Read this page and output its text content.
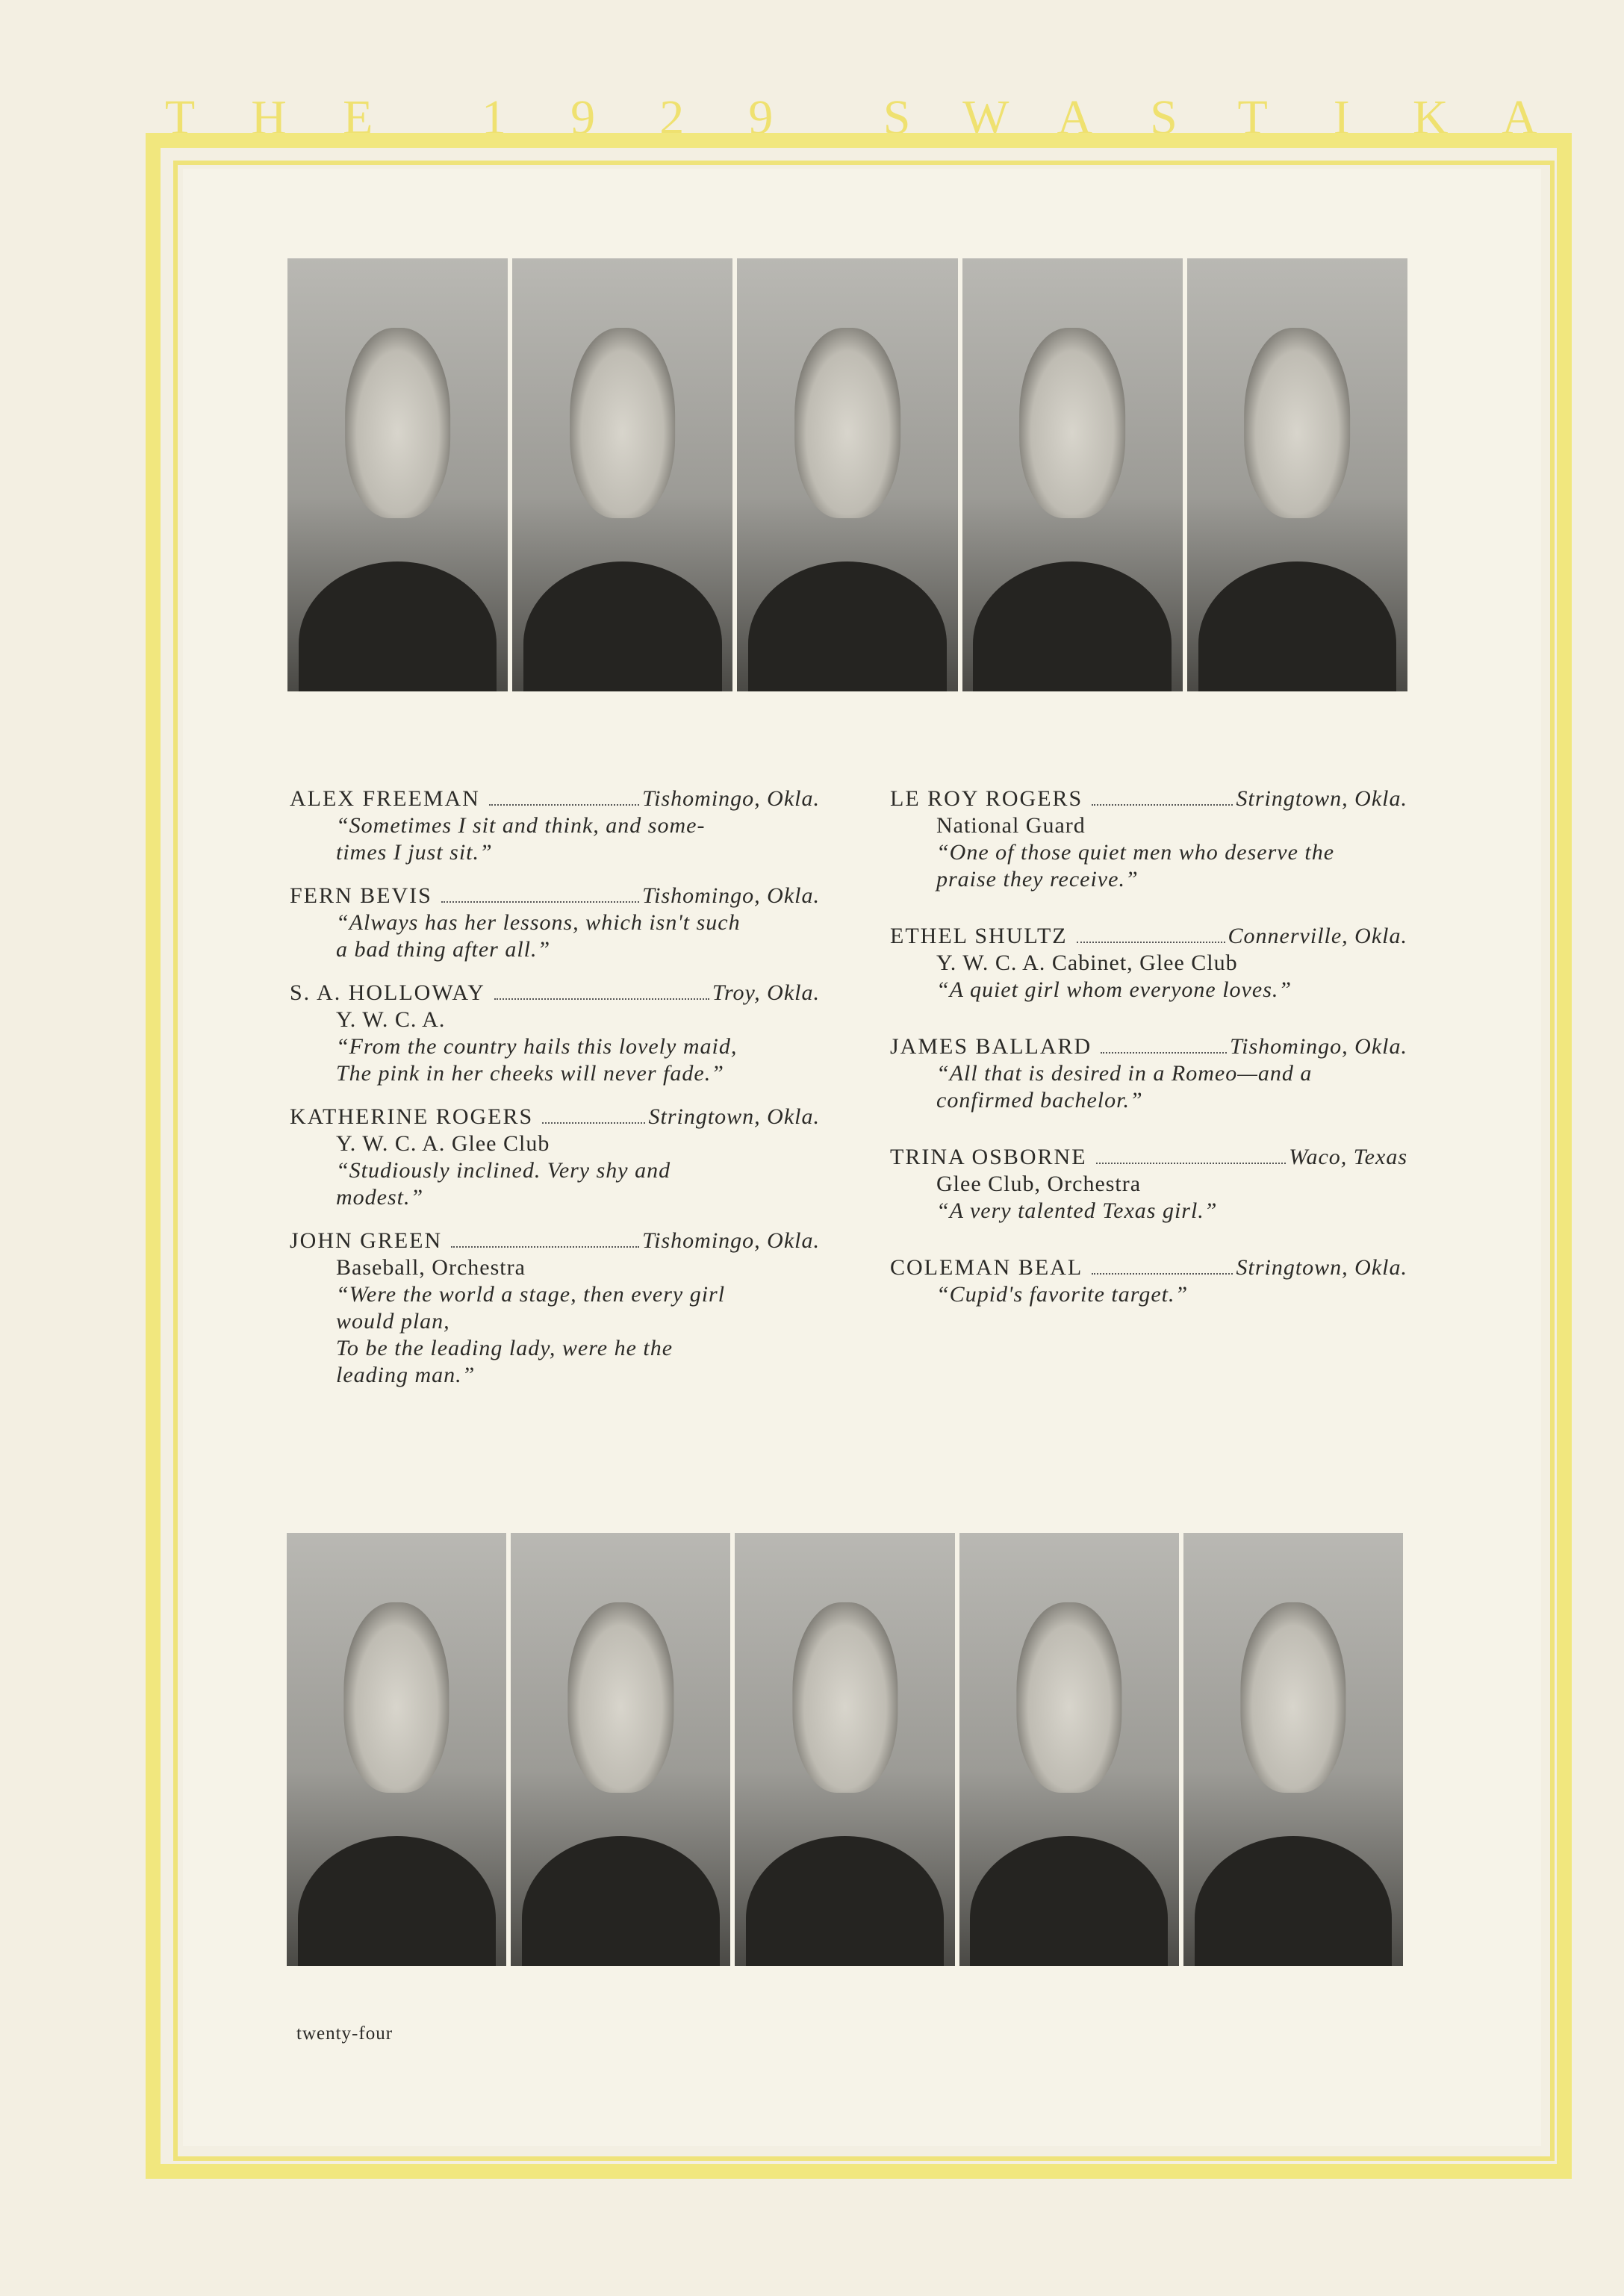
T	H	E	1	9	2	9	S W A	S	T	I	K	A
ALEX FREEMAN	Tishomingo, Okla.
“Sometimes I sit and think, and some-
times I just sit.”
FERN BEVIS	Tishomingo, Okla.
“Always has her lessons, which isn't such
a bad thing after all.”
S. A. HOLLOWAY	Troy, Okla.
Y. W. C. A.
“From the country hails this lovely maid,
The pink in her cheeks will never fade.”
KATHERINE ROGERS	Stringtown, Okla.
Y. W. C. A. Glee Club
“Studiously inclined. Very shy and
modest.”
JOHN GREEN	Tishomingo, Okla.
Baseball, Orchestra
“Were the world a stage, then every girl
would plan,
To be the leading lady, were he the
leading man.”
LE ROY ROGERS	Stringtown, Okla.
National Guard
“One of those quiet men who deserve the
praise they receive.”
ETHEL SHULTZ	Connerville, Okla.
Y. W. C. A. Cabinet, Glee Club
“A quiet girl whom everyone loves.”
JAMES BALLARD	Tishomingo, Okla.
“All that is desired in a Romeo—and a
confirmed bachelor.”
TRINA OSBORNE	Waco, Texas
Glee Club, Orchestra
“A very talented Texas girl.”
COLEMAN BEAL	Stringtown, Okla.
“Cupid's favorite target.”
twenty-four
